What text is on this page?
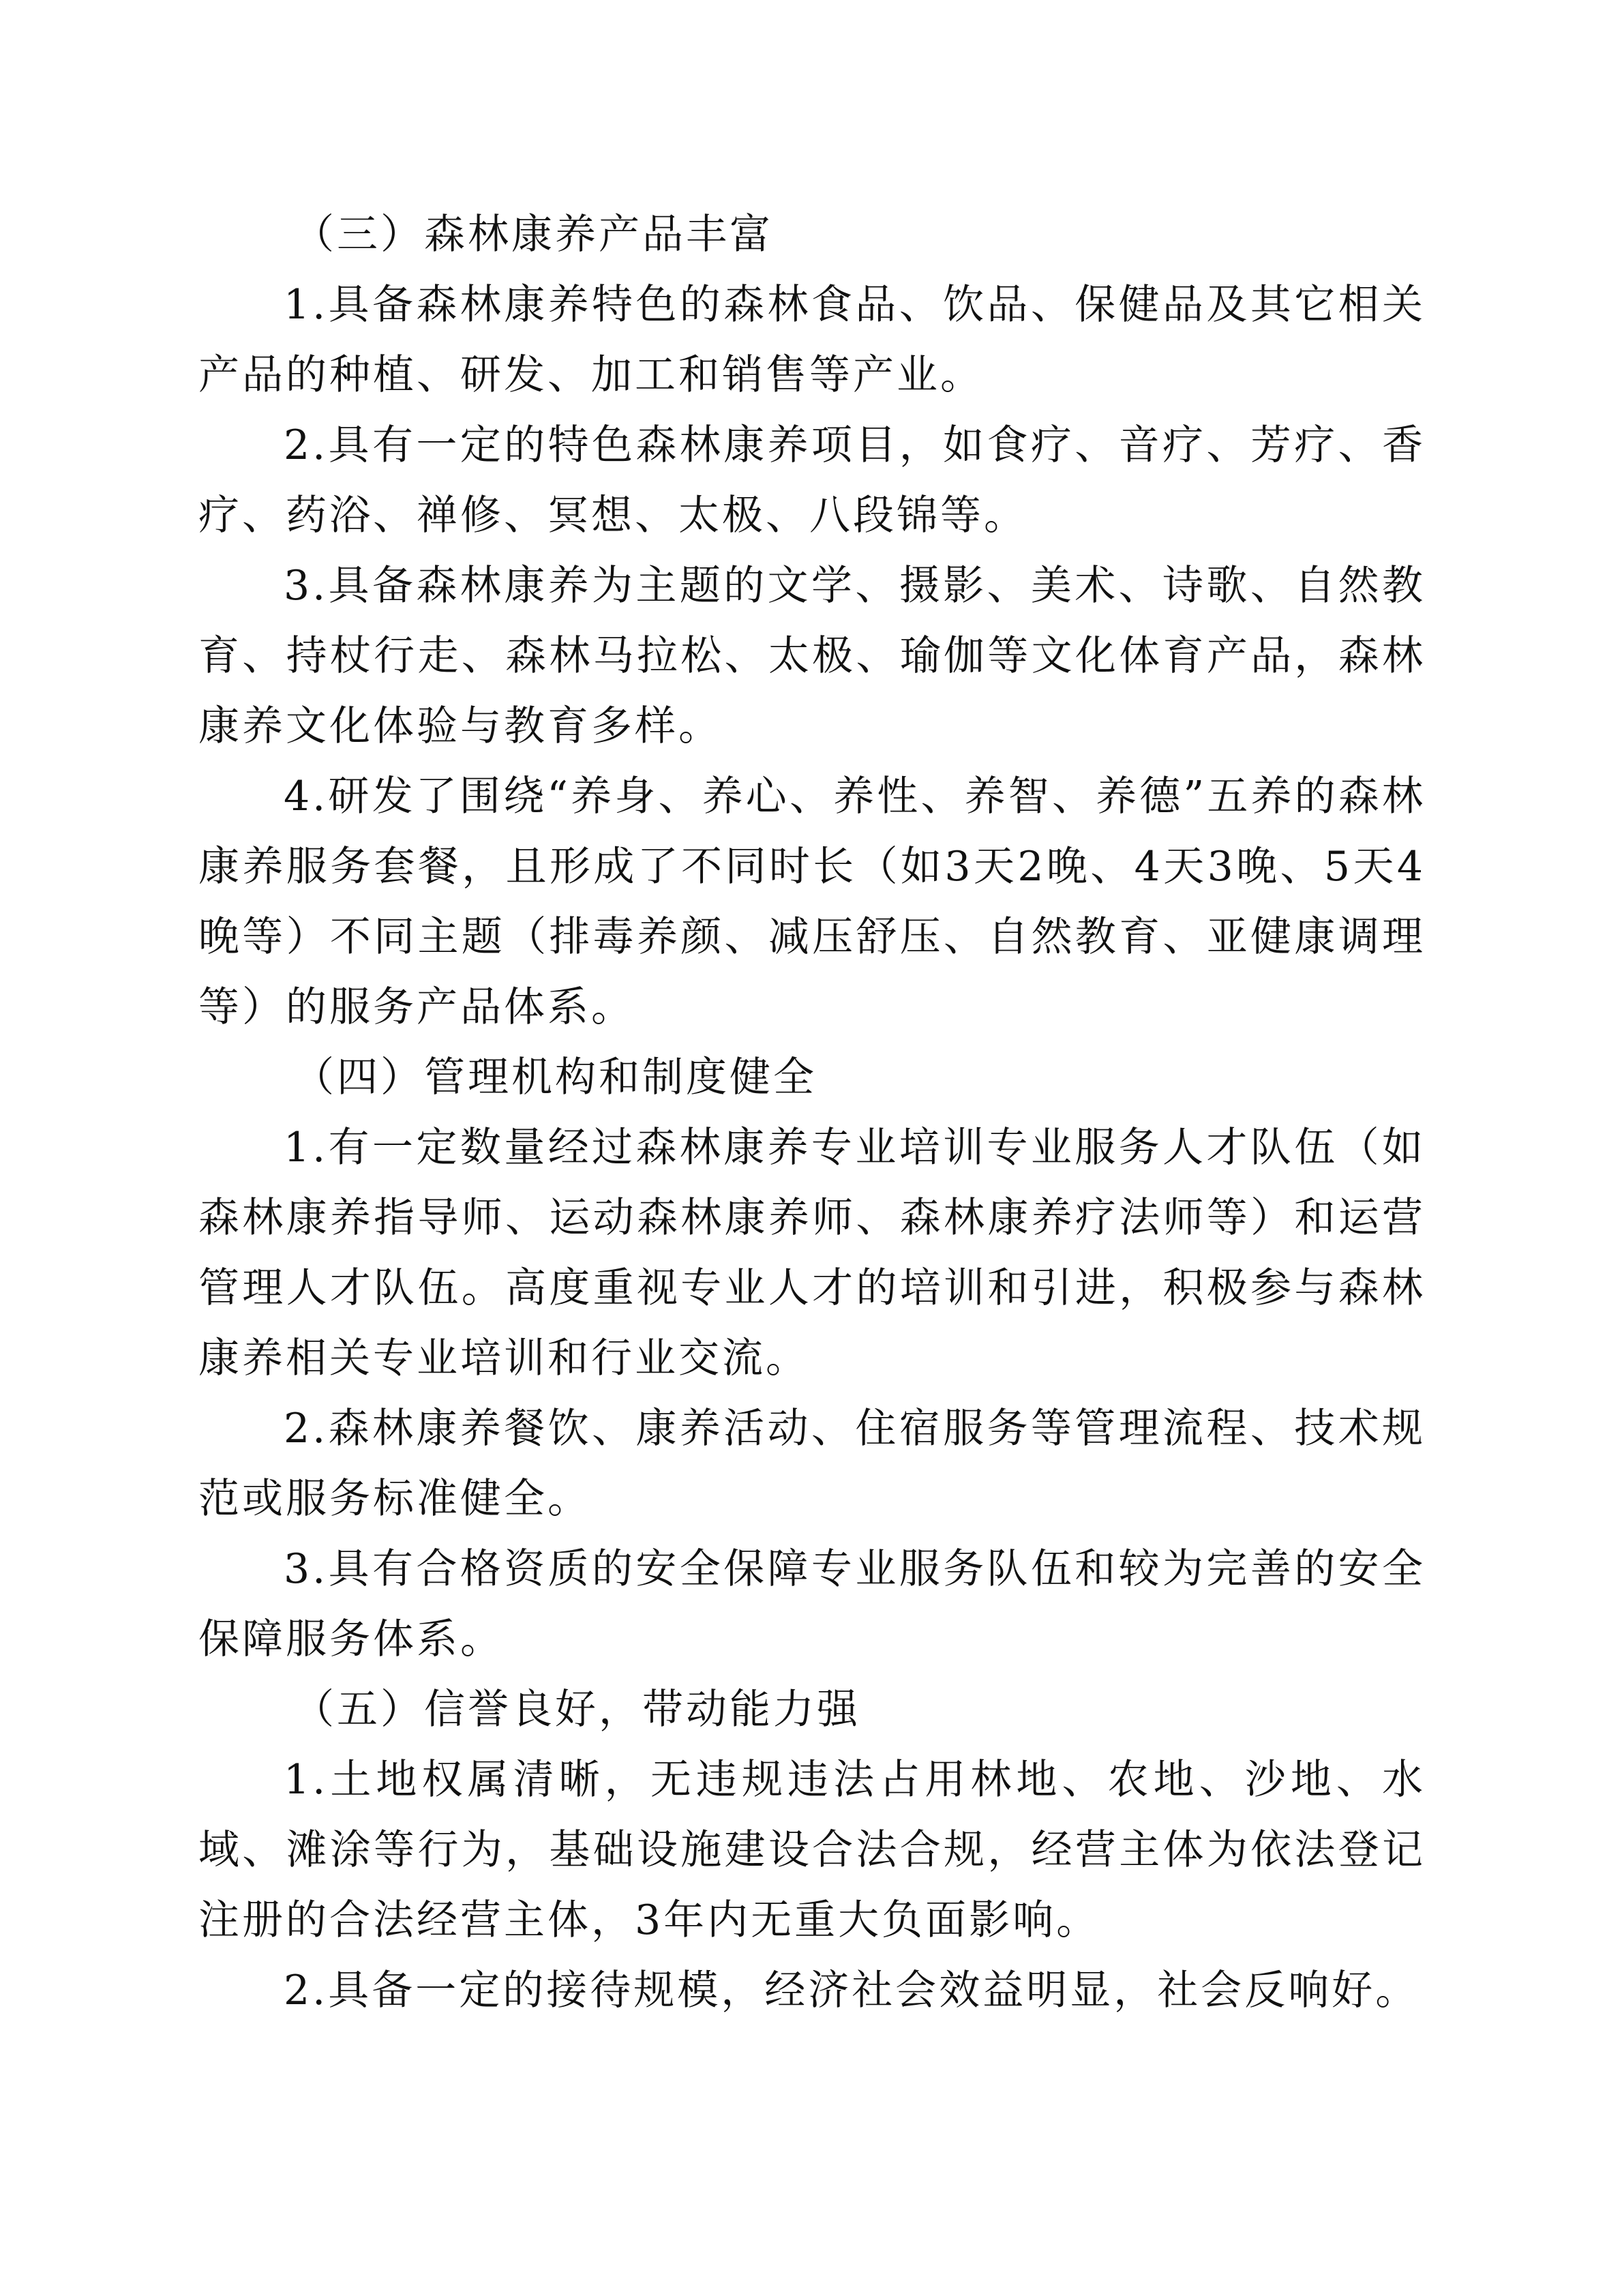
（三）森林康养产品丰富

1.具备森林康养特色的森林食品、饮品、保健品及其它相关产品的种植、研发、加工和销售等产业。

2.具有一定的特色森林康养项目，如食疗、音疗、芳疗、香疗、药浴、禅修、冥想、太极、八段锦等。

3.具备森林康养为主题的文学、摄影、美术、诗歌、自然教育、持杖行走、森林马拉松、太极、瑜伽等文化体育产品，森林康养文化体验与教育多样。

4.研发了围绕“养身、养心、养性、养智、养德”五养的森林康养服务套餐，且形成了不同时长（如3天2晚、4天3晚、5天4晚等）不同主题（排毒养颜、减压舒压、自然教育、亚健康调理等）的服务产品体系。

（四）管理机构和制度健全

1.有一定数量经过森林康养专业培训专业服务人才队伍（如森林康养指导师、运动森林康养师、森林康养疗法师等）和运营管理人才队伍。高度重视专业人才的培训和引进，积极参与森林康养相关专业培训和行业交流。

2.森林康养餐饮、康养活动、住宿服务等管理流程、技术规范或服务标准健全。

3.具有合格资质的安全保障专业服务队伍和较为完善的安全保障服务体系。

（五）信誉良好，带动能力强

1.土地权属清晰，无违规违法占用林地、农地、沙地、水域、滩涂等行为，基础设施建设合法合规，经营主体为依法登记注册的合法经营主体，3年内无重大负面影响。

2.具备一定的接待规模，经济社会效益明显，社会反响好。
